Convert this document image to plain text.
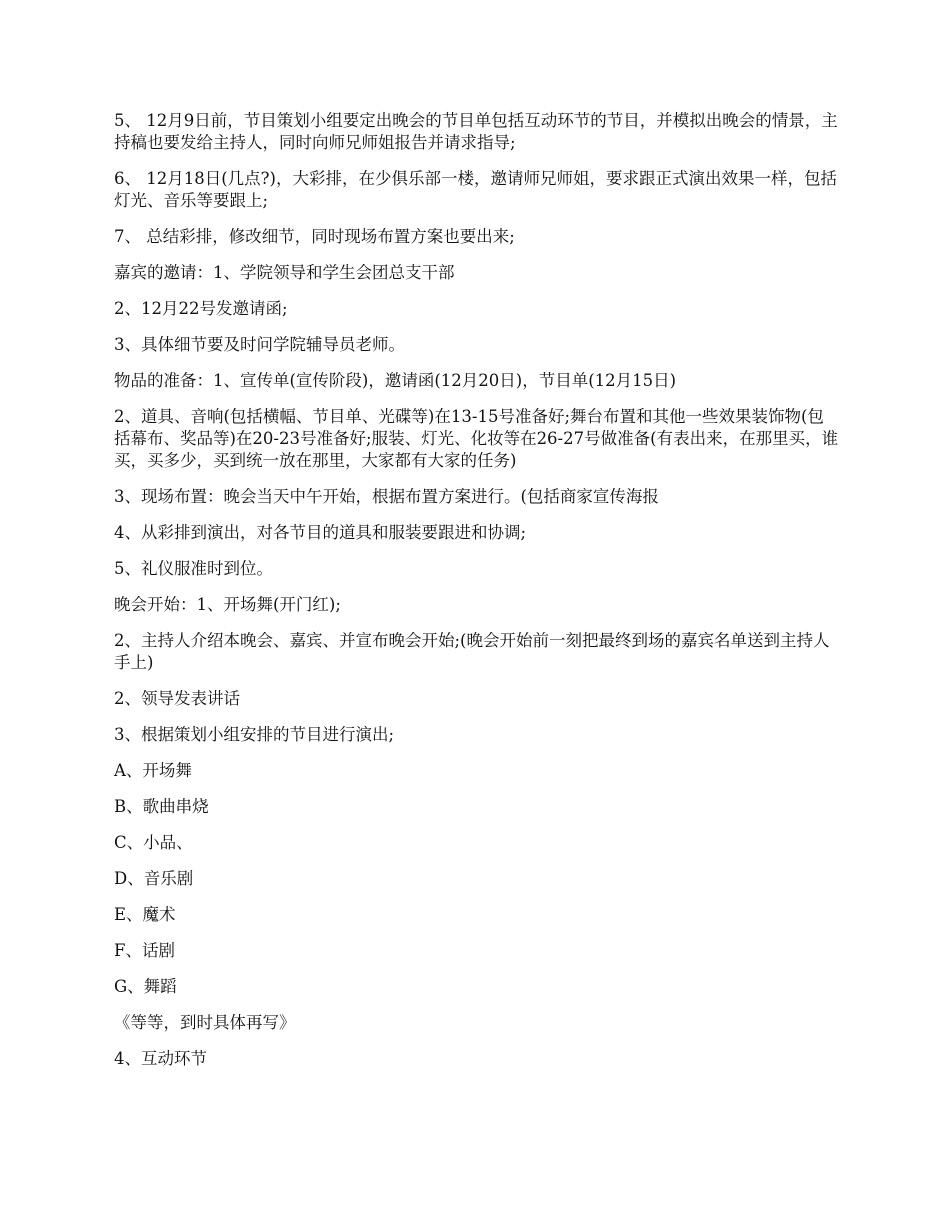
5、 12月9日前，节目策划小组要定出晚会的节目单包括互动环节的节目，并模拟出晚会的情景，主持稿也要发给主持人，同时向师兄师姐报告并请求指导;

6、 12月18日(几点?)，大彩排，在少俱乐部一楼，邀请师兄师姐，要求跟正式演出效果一样，包括灯光、音乐等要跟上;

7、 总结彩排，修改细节，同时现场布置方案也要出来;

嘉宾的邀请：1、学院领导和学生会团总支干部

2、12月22号发邀请函;

3、具体细节要及时问学院辅导员老师。

物品的准备：1、宣传单(宣传阶段)，邀请函(12月20日)，节目单(12月15日)

2、道具、音响(包括横幅、节目单、光碟等)在13-15号准备好;舞台布置和其他一些效果装饰物(包括幕布、奖品等)在20-23号准备好;服装、灯光、化妆等在26-27号做准备(有表出来，在那里买，谁买，买多少，买到统一放在那里，大家都有大家的任务)

3、现场布置：晚会当天中午开始，根据布置方案进行。(包括商家宣传海报

4、从彩排到演出，对各节目的道具和服装要跟进和协调;

5、礼仪服准时到位。

晚会开始：1、开场舞(开门红);

2、主持人介绍本晚会、嘉宾、并宣布晚会开始;(晚会开始前一刻把最终到场的嘉宾名单送到主持人手上)

2、领导发表讲话

3、根据策划小组安排的节目进行演出;

A、开场舞

B、歌曲串烧

C、小品、

D、音乐剧

E、魔术

F、话剧

G、舞蹈

《等等，到时具体再写》

4、互动环节
